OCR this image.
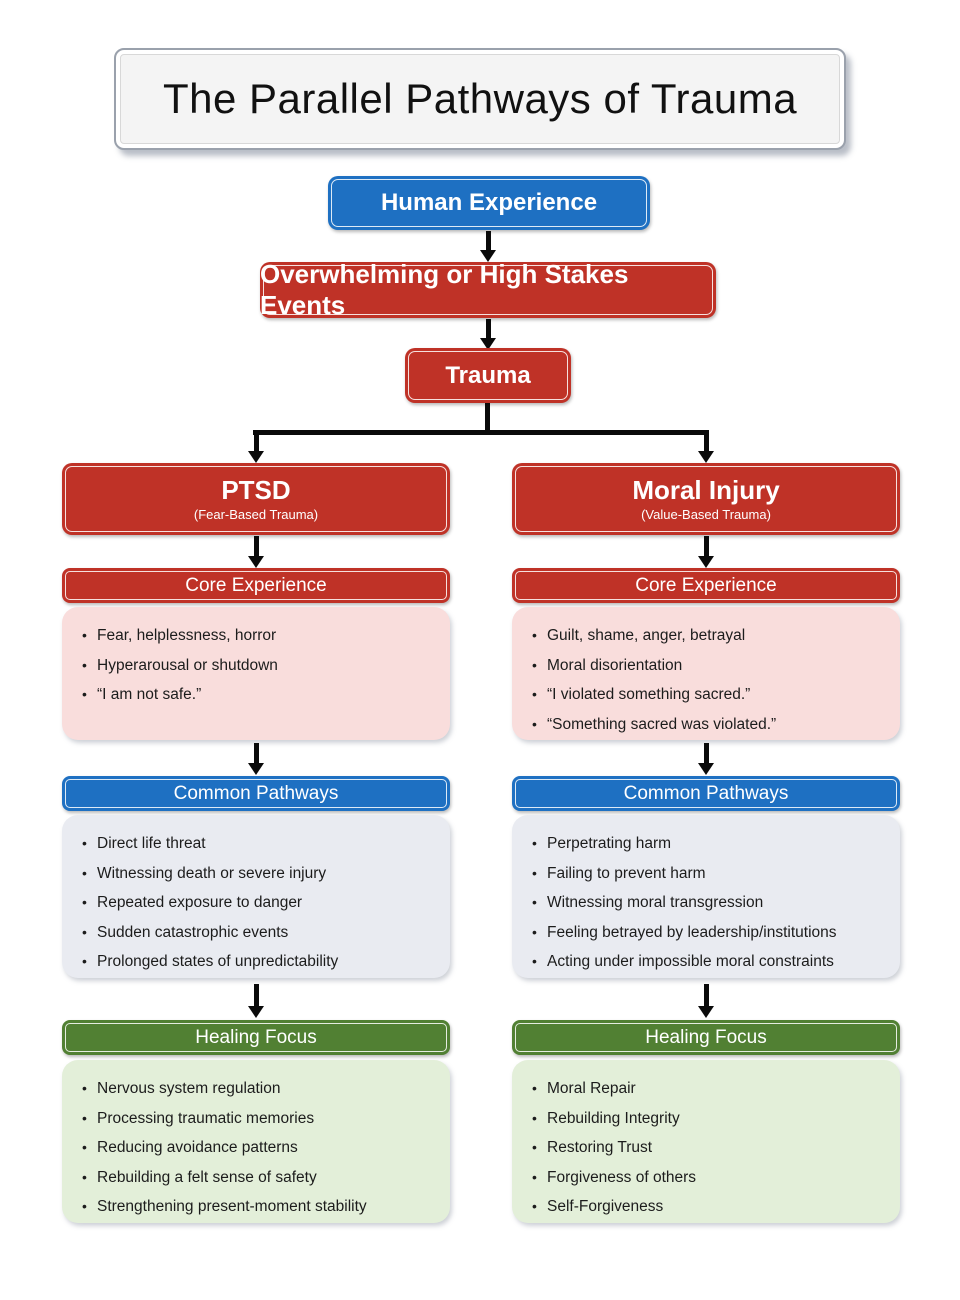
The Parallel Pathways of Trauma
Human Experience
Overwhelming or High Stakes Events
Trauma
PTSD
(Fear-Based Trauma)
Core Experience
• Fear, helplessness, horror
• Hyperarousal or shutdown
• “I am not safe.”
Common Pathways
• Direct life threat
• Witnessing death or severe injury
• Repeated exposure to danger
• Sudden catastrophic events
• Prolonged states of unpredictability
Healing Focus
• Nervous system regulation
• Processing traumatic memories
• Reducing avoidance patterns
• Rebuilding a felt sense of safety
• Strengthening present-moment stability
Moral Injury
(Value-Based Trauma)
Core Experience
• Guilt, shame, anger, betrayal
• Moral disorientation
• “I violated something sacred.”
• “Something sacred was violated.”
Common Pathways
• Perpetrating harm
• Failing to prevent harm
• Witnessing moral transgression
• Feeling betrayed by leadership/institutions
• Acting under impossible moral constraints
Healing Focus
• Moral Repair
• Rebuilding Integrity
• Restoring Trust
• Forgiveness of others
• Self-Forgiveness
